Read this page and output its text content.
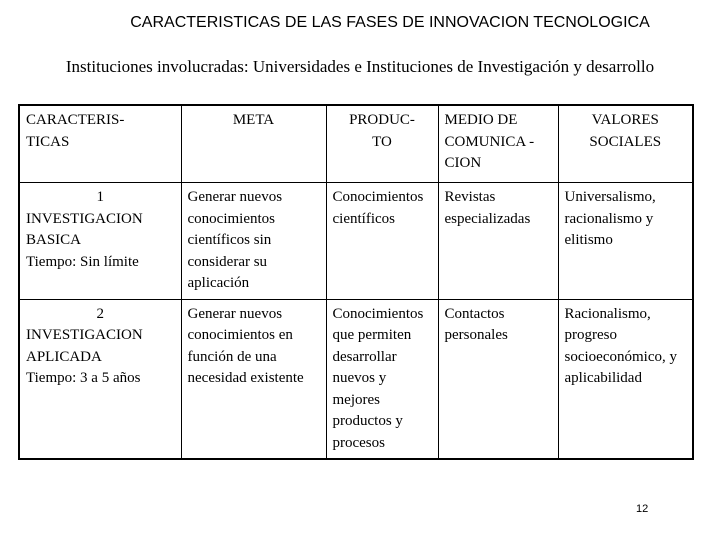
CARACTERISTICAS DE LAS FASES DE INNOVACION TECNOLOGICA
Instituciones involucradas: Universidades e Instituciones de Investigación y desarrollo
CARACTERIS-TICAS	META	PRODUC-TO	MEDIO DE COMUNICA - CION	VALORES SOCIALES

1
INVESTIGACION
BASICA
Tiempo: Sin límite	Generar nuevos conocimientos científicos sin considerar su aplicación	Conocimientos científicos	Revistas especializadas	Universalismo, racionalismo y elitismo

2
INVESTIGACION
APLICADA
Tiempo: 3 a 5 años	Generar nuevos conocimientos en función de una necesidad existente	Conocimientos que permiten desarrollar nuevos y mejores productos y procesos	Contactos personales	Racionalismo, progreso socioeconómico, y aplicabilidad
12
